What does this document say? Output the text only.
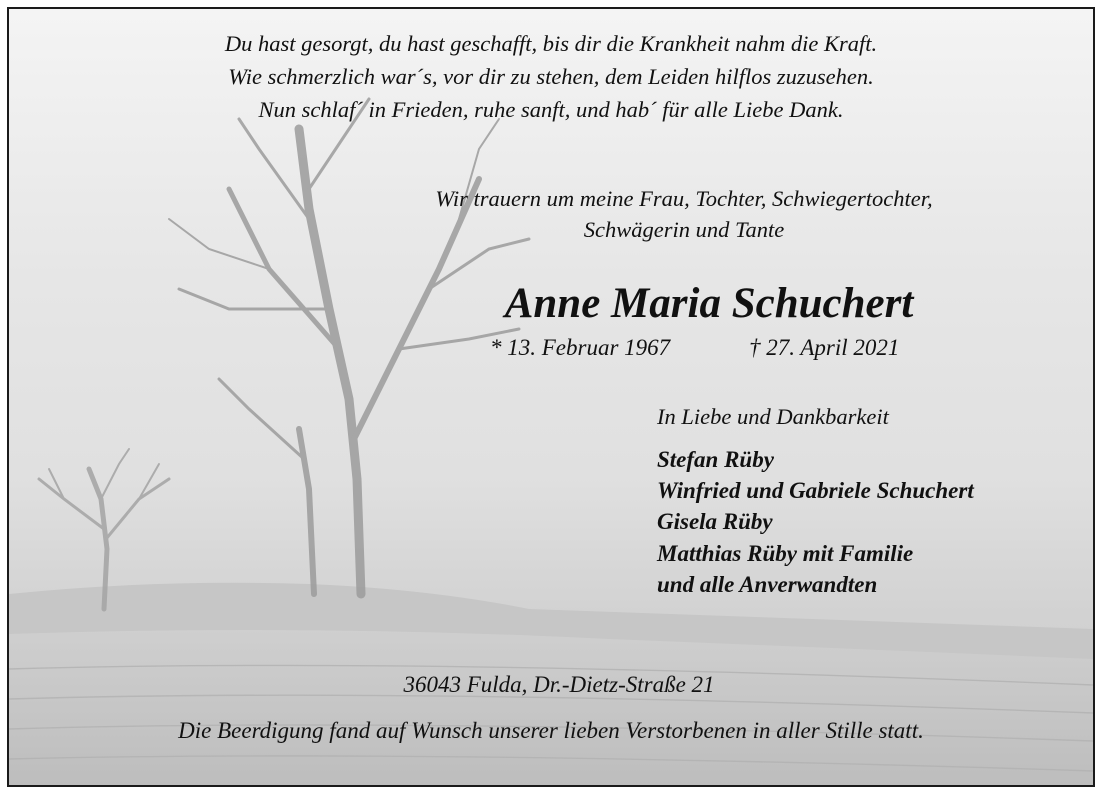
Du hast gesorgt, du hast geschafft, bis dir die Krankheit nahm die Kraft.

Wie schmerzlich war´s, vor dir zu stehen, dem Leiden hilflos zuzusehen.

Nun schlaf´ in Frieden, ruhe sanft, und hab´ für alle Liebe Dank.

Wir trauern um meine Frau, Tochter, Schwiegertochter,

Schwägerin und Tante

Anne Maria Schuchert

* 13. Februar 1967	† 27. April 2021

In Liebe und Dankbarkeit

Stefan Rüby

Winfried und Gabriele Schuchert

Gisela Rüby

Matthias Rüby mit Familie

und alle Anverwandten

36043 Fulda, Dr.-Dietz-Straße 21

Die Beerdigung fand auf Wunsch unserer lieben Verstorbenen in aller Stille statt.
